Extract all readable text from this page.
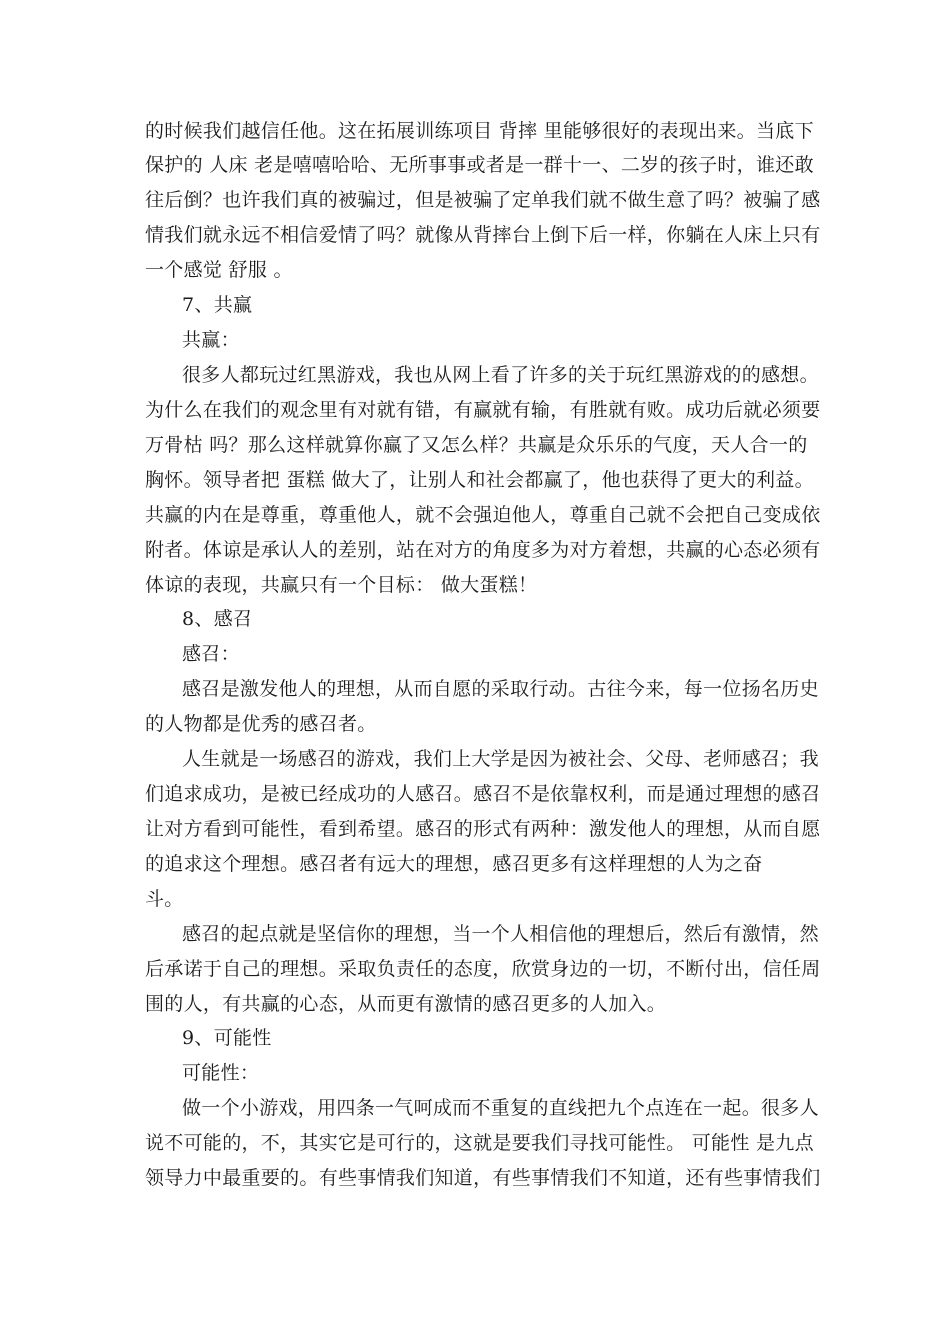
的时候我们越信任他。这在拓展训练项目 背摔 里能够很好的表现出来。当底下
保护的 人床 老是嘻嘻哈哈、无所事事或者是一群十一、二岁的孩子时，谁还敢
往后倒？也许我们真的被骗过，但是被骗了定单我们就不做生意了吗？被骗了感
情我们就永远不相信爱情了吗？就像从背摔台上倒下后一样，你躺在人床上只有
一个感觉 舒服 。
7、共赢
共赢：
很多人都玩过红黑游戏，我也从网上看了许多的关于玩红黑游戏的的感想。
为什么在我们的观念里有对就有错，有赢就有输，有胜就有败。成功后就必须要
万骨枯 吗？那么这样就算你赢了又怎么样？共赢是众乐乐的气度，天人合一的
胸怀。领导者把 蛋糕 做大了，让别人和社会都赢了，他也获得了更大的利益。
共赢的内在是尊重，尊重他人，就不会强迫他人，尊重自己就不会把自己变成依
附者。体谅是承认人的差别，站在对方的角度多为对方着想，共赢的心态必须有
体谅的表现，共赢只有一个目标： 做大蛋糕！
8、感召
感召：
感召是激发他人的理想，从而自愿的采取行动。古往今来，每一位扬名历史
的人物都是优秀的感召者。
人生就是一场感召的游戏，我们上大学是因为被社会、父母、老师感召；我
们追求成功，是被已经成功的人感召。感召不是依靠权利，而是通过理想的感召
让对方看到可能性，看到希望。感召的形式有两种：激发他人的理想，从而自愿
的追求这个理想。感召者有远大的理想，感召更多有这样理想的人为之奋
斗。
感召的起点就是坚信你的理想，当一个人相信他的理想后，然后有激情，然
后承诺于自己的理想。采取负责任的态度，欣赏身边的一切，不断付出，信任周
围的人，有共赢的心态，从而更有激情的感召更多的人加入。
9、可能性
可能性：
做一个小游戏，用四条一气呵成而不重复的直线把九个点连在一起。很多人
说不可能的，不，其实它是可行的，这就是要我们寻找可能性。 可能性 是九点
领导力中最重要的。有些事情我们知道，有些事情我们不知道，还有些事情我们
